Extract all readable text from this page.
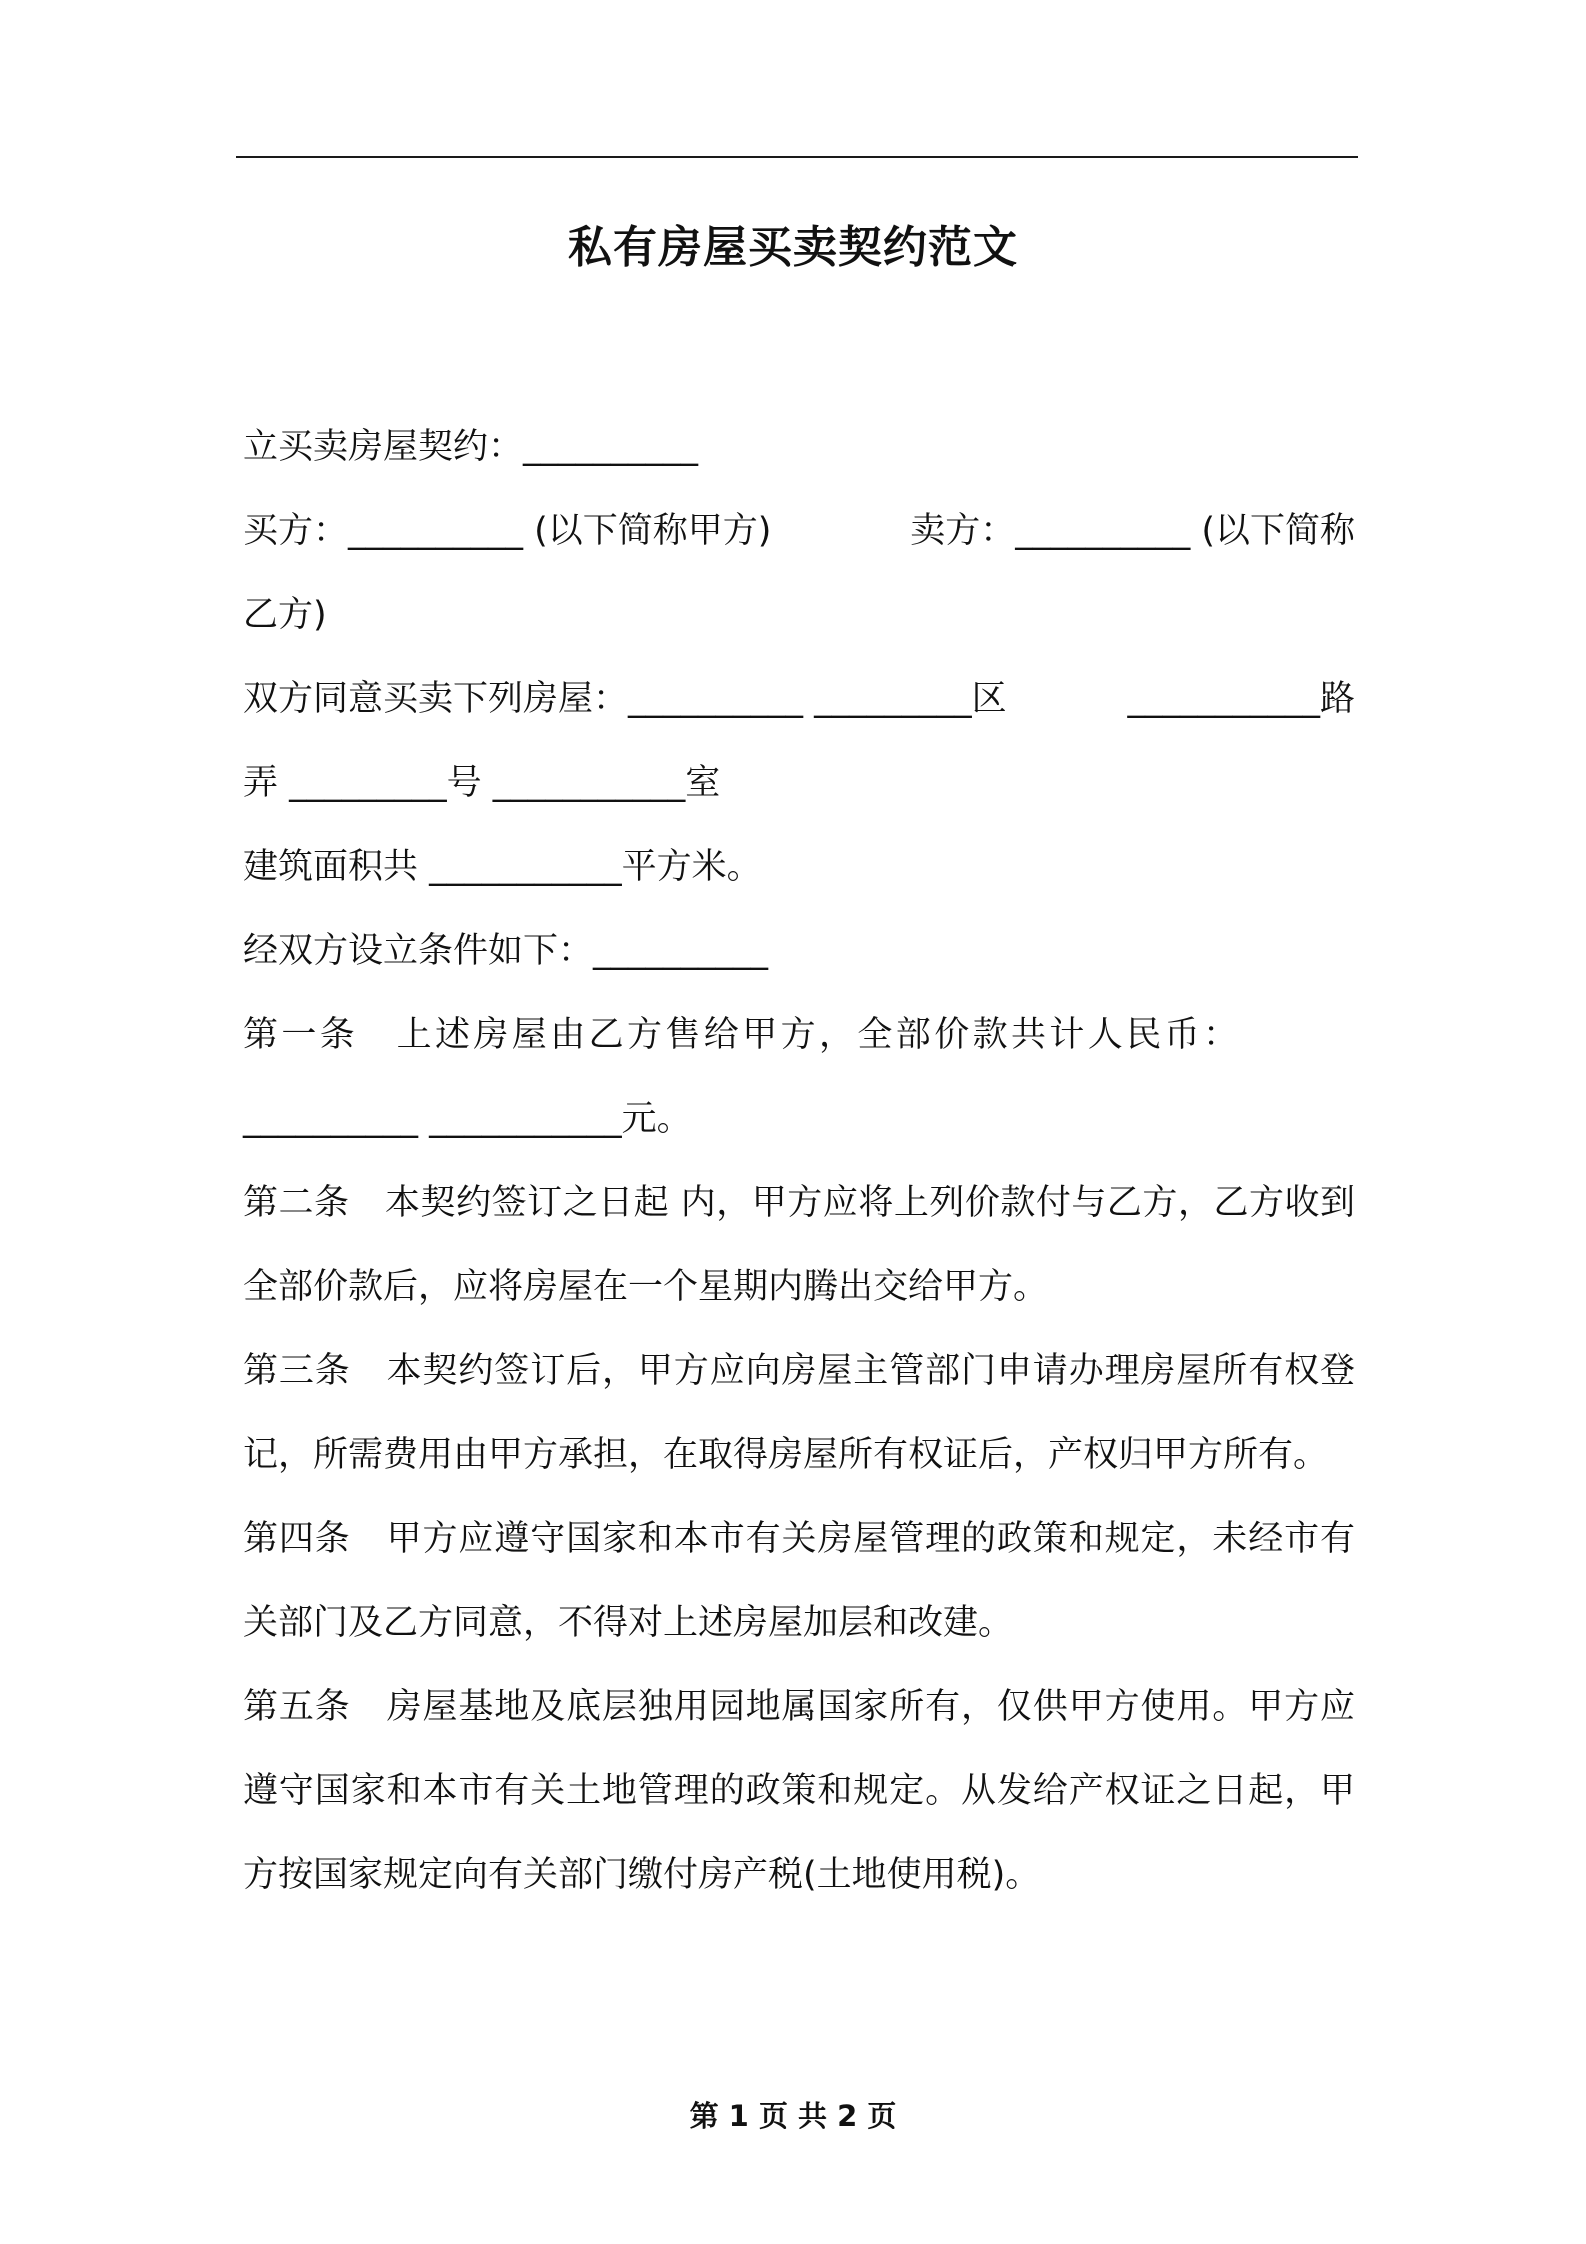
私有房屋买卖契约范文

立买卖房屋契约：__________

买方：__________ (以下简称甲方)	卖方：__________ (以下简称

乙方)

双方同意买卖下列房屋：__________ _________区	___________路

弄 _________号 ___________室

建筑面积共 ___________平方米。

经双方设立条件如下：__________

第一条　上述房屋由乙方售给甲方，全部价款共计人民币：

__________ ___________元。

第二条　本契约签订之日起 内，甲方应将上列价款付与乙方，乙方收到全部价款后，应将房屋在一个星期内腾出交给甲方。

第三条　本契约签订后，甲方应向房屋主管部门申请办理房屋所有权登记，所需费用由甲方承担，在取得房屋所有权证后，产权归甲方所有。

第四条　甲方应遵守国家和本市有关房屋管理的政策和规定，未经市有关部门及乙方同意，不得对上述房屋加层和改建。

第五条　房屋基地及底层独用园地属国家所有，仅供甲方使用。甲方应遵守国家和本市有关土地管理的政策和规定。从发给产权证之日起，甲方按国家规定向有关部门缴付房产税(土地使用税)。

第 1 页 共 2 页
